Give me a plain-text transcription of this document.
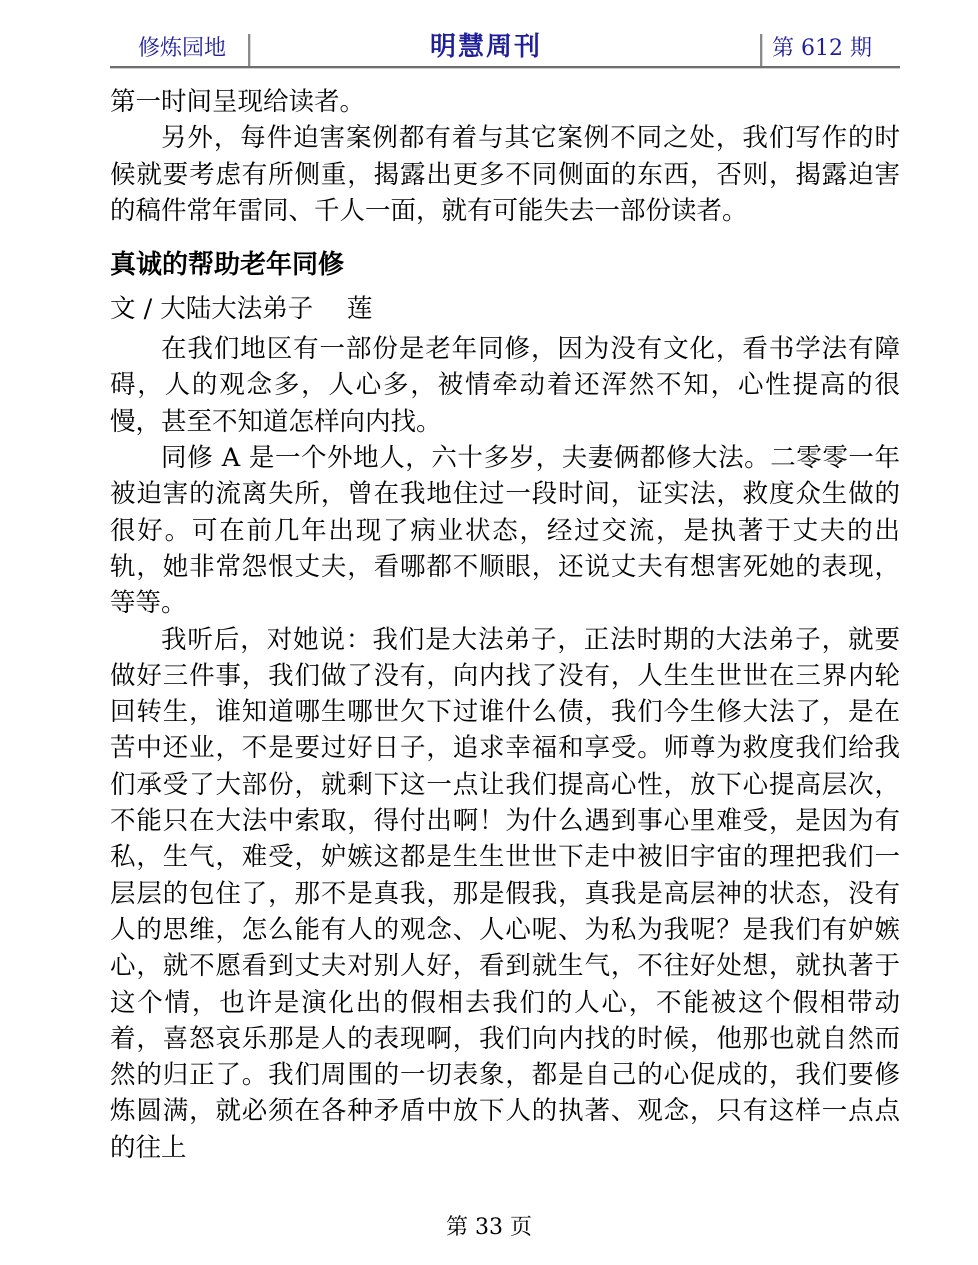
修炼园地	明慧周刊	第 612 期

第一时间呈现给读者。

另外，每件迫害案例都有着与其它案例不同之处，我们写作的时候就要考虑有所侧重，揭露出更多不同侧面的东西，否则，揭露迫害的稿件常年雷同、千人一面，就有可能失去一部份读者。

真诚的帮助老年同修
文 / 大陆大法弟子　 莲

在我们地区有一部份是老年同修，因为没有文化，看书学法有障碍，人的观念多，人心多，被情牵动着还浑然不知，心性提高的很慢，甚至不知道怎样向内找。

同修 A 是一个外地人，六十多岁，夫妻俩都修大法。二零零一年被迫害的流离失所，曾在我地住过一段时间，证实法，救度众生做的很好。可在前几年出现了病业状态，经过交流，是执著于丈夫的出轨，她非常怨恨丈夫，看哪都不顺眼，还说丈夫有想害死她的表现，等等。

我听后，对她说：我们是大法弟子，正法时期的大法弟子，就要做好三件事，我们做了没有，向内找了没有，人生生世世在三界内轮回转生，谁知道哪生哪世欠下过谁什么债，我们今生修大法了，是在苦中还业，不是要过好日子，追求幸福和享受。师尊为救度我们给我们承受了大部份，就剩下这一点让我们提高心性，放下心提高层次，不能只在大法中索取，得付出啊！为什么遇到事心里难受，是因为有私，生气，难受，妒嫉这都是生生世世下走中被旧宇宙的理把我们一层层的包住了，那不是真我，那是假我，真我是高层神的状态，没有人的思维，怎么能有人的观念、人心呢、为私为我呢？是我们有妒嫉心，就不愿看到丈夫对别人好，看到就生气，不往好处想，就执著于这个情，也许是演化出的假相去我们的人心，不能被这个假相带动着，喜怒哀乐那是人的表现啊，我们向内找的时候，他那也就自然而然的归正了。我们周围的一切表象，都是自己的心促成的，我们要修炼圆满，就必须在各种矛盾中放下人的执著、观念，只有这样一点点的往上

第 33 页
